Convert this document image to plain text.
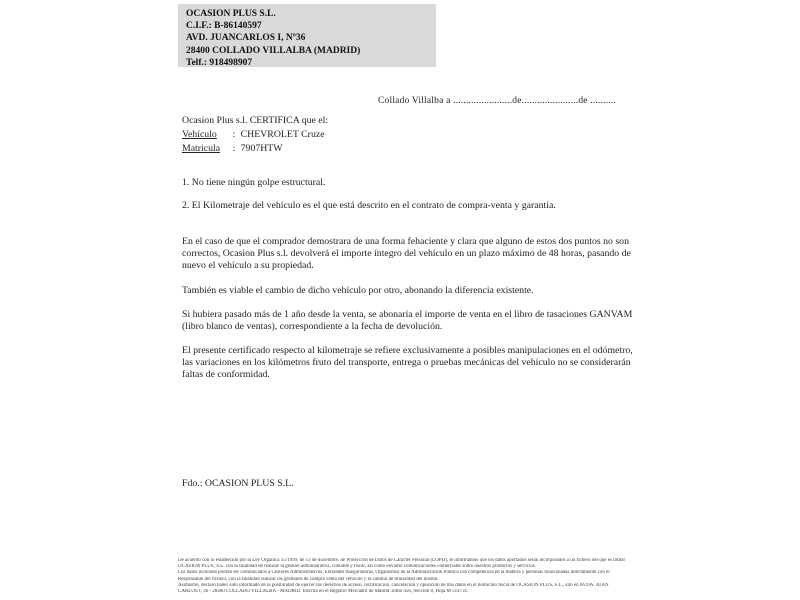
OCASION PLUS S.L.
C.I.F.: B-86140597
AVD. JUANCARLOS I, Nº36
28400 COLLADO VILLALBA (MADRID)
Telf.: 918498907
Collado Villalba a .......................de......................de ..........
Ocasion Plus s.l. CERTIFICA que el:
Vehículo : CHEVROLET Cruze
Matricula : 7907HTW

1. No tiene ningún golpe estructural.

2. El Kilometraje del vehículo es el que está descrito en el contrato de compra-venta y garantía.

En el caso de que el comprador demostrara de una forma fehaciente y clara que alguno de estos dos puntos no son correctos, Ocasion Plus s.l. devolverá el importe íntegro del vehículo en un plazo máximo de 48 horas, pasando de nuevo el vehículo a su propiedad.

También es viable el cambio de dicho vehículo por otro, abonando la diferencia existente.

Si hubiera pasado más de 1 año desde la venta, se abonaría el importe de venta en el libro de tasaciones GANVAM (libro blanco de ventas), correspondiente a la fecha de devolución.

El presente certificado respecto al kilometraje se refiere exclusivamente a posibles manipulaciones en el odómetro, las variaciones en los kilómetros fruto del transporte, entrega o pruebas mecánicas del vehículo no se considerarán faltas de conformidad.

Fdo.: OCASION PLUS S.L.
De acuerdo con lo establecido por la Ley Orgánica 15/1999, de 13 de diciembre, de Protección de Datos de Carácter Personal (LOPD), le informamos que los datos aportados serán incorporados a un fichero del que es titular
OCASION PLUS, S.L. con la finalidad de realizar la gestión administrativa, contable y fiscal, así como enviarle comunicaciones comerciales sobre nuestros productos y servicios.
Los datos incluidos podrán ser comunicados a Gestores Administrativos, Entidades Aseguradoras, Organismos de la Administración Pública con competencia en la materia y personas relacionadas directamente con el
Responsable del fichero, con la finalidad realizar las gestiones de compra venta del vehículo y el cambio de titularidad del mismo.
Asimismo, declaro haber sido informado de la posibilidad de ejercer los derechos de acceso, rectificación, cancelación y oposición de mis datos en el domicilio fiscal de OCASION PLUS, S.L., sito en AVDA. JUAN
CARLOS I, 36 - 28400 COLLADO VILLALBA - MADRID. Inscrita en el Registro Mercantil de Madrid Tomo 456, Sección 8, Hoja M 514731.
